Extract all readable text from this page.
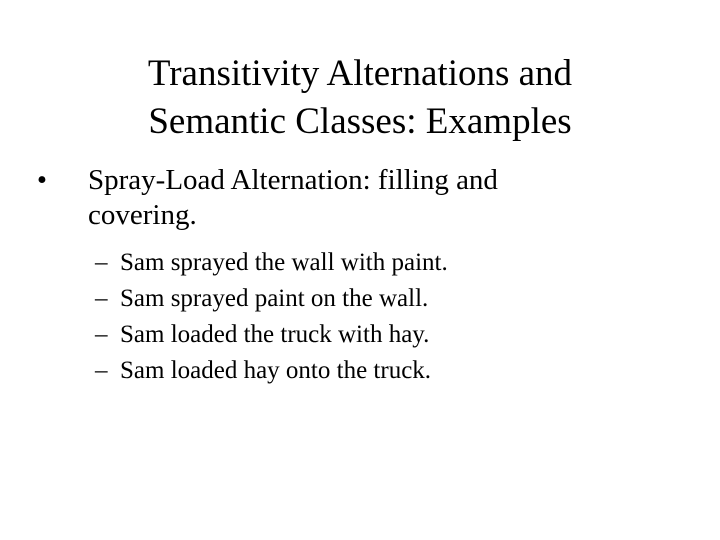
Transitivity Alternations and
Semantic Classes: Examples
• Spray-Load Alternation: filling and
covering.
– Sam sprayed the wall with paint.
– Sam sprayed paint on the wall.
– Sam loaded the truck with hay.
– Sam loaded hay onto the truck.
